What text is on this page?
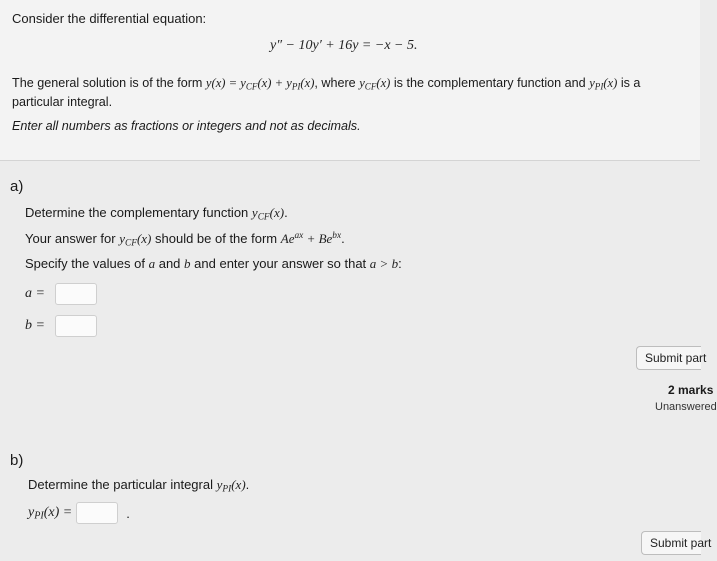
Consider the differential equation:
y″ − 10y′ + 16y = −x − 5.
The general solution is of the form $y(x) = y_{CF}(x) + y_{PI}(x)$, where $y_{CF}(x)$ is the complementary function and $y_{PI}(x)$ is a
particular integral.
Enter all numbers as fractions or integers and not as decimals.
a)
Determine the complementary function $y_{CF}(x)$.
Your answer for $y_{CF}(x)$ should be of the form $Ae^{ax} + Be^{bx}$.
Specify the values of a and b and enter your answer so that a > b:
a =
b =
Submit part
2 marks
Unanswered
b)
Determine the particular integral $y_{PI}(x)$.
$y_{PI}(x)$ =	.
Submit part
